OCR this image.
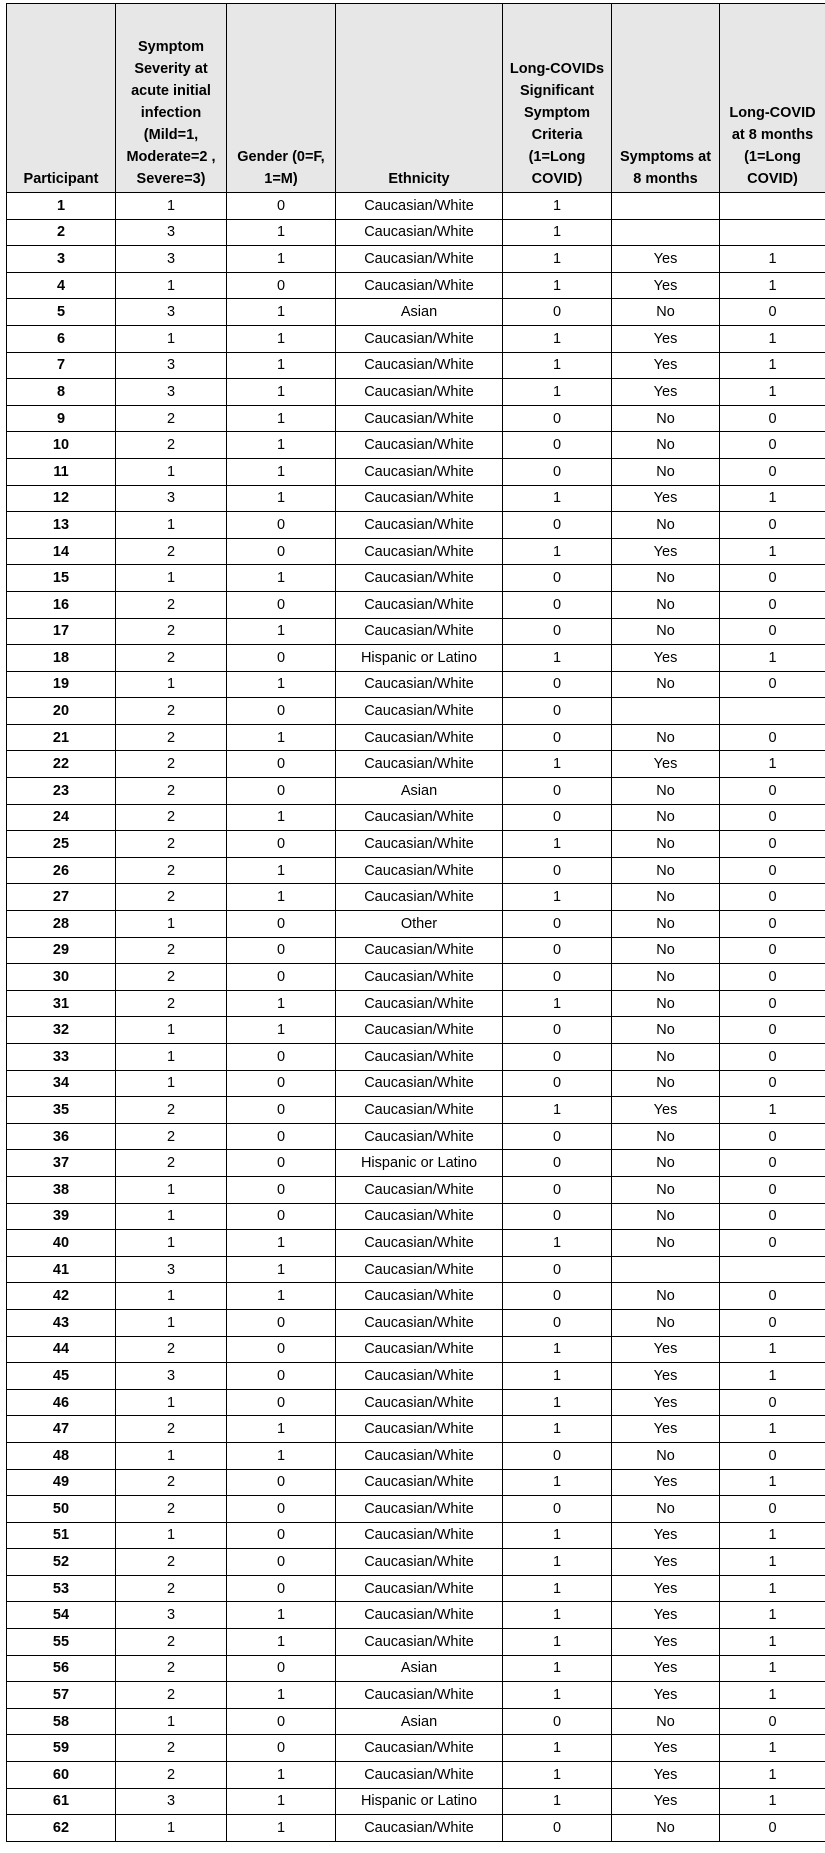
Participant	Symptom Severity at acute initial infection (Mild=1, Moderate=2 , Severe=3)	Gender (0=F, 1=M)	Ethnicity	Long-COVIDs Significant Symptom Criteria (1=Long COVID)	Symptoms at 8 months	Long-COVID at 8 months (1=Long COVID)
1	1	0	Caucasian/White	1		
2	3	1	Caucasian/White	1		
3	3	1	Caucasian/White	1	Yes	1
4	1	0	Caucasian/White	1	Yes	1
5	3	1	Asian	0	No	0
6	1	1	Caucasian/White	1	Yes	1
7	3	1	Caucasian/White	1	Yes	1
8	3	1	Caucasian/White	1	Yes	1
9	2	1	Caucasian/White	0	No	0
10	2	1	Caucasian/White	0	No	0
11	1	1	Caucasian/White	0	No	0
12	3	1	Caucasian/White	1	Yes	1
13	1	0	Caucasian/White	0	No	0
14	2	0	Caucasian/White	1	Yes	1
15	1	1	Caucasian/White	0	No	0
16	2	0	Caucasian/White	0	No	0
17	2	1	Caucasian/White	0	No	0
18	2	0	Hispanic or Latino	1	Yes	1
19	1	1	Caucasian/White	0	No	0
20	2	0	Caucasian/White	0		
21	2	1	Caucasian/White	0	No	0
22	2	0	Caucasian/White	1	Yes	1
23	2	0	Asian	0	No	0
24	2	1	Caucasian/White	0	No	0
25	2	0	Caucasian/White	1	No	0
26	2	1	Caucasian/White	0	No	0
27	2	1	Caucasian/White	1	No	0
28	1	0	Other	0	No	0
29	2	0	Caucasian/White	0	No	0
30	2	0	Caucasian/White	0	No	0
31	2	1	Caucasian/White	1	No	0
32	1	1	Caucasian/White	0	No	0
33	1	0	Caucasian/White	0	No	0
34	1	0	Caucasian/White	0	No	0
35	2	0	Caucasian/White	1	Yes	1
36	2	0	Caucasian/White	0	No	0
37	2	0	Hispanic or Latino	0	No	0
38	1	0	Caucasian/White	0	No	0
39	1	0	Caucasian/White	0	No	0
40	1	1	Caucasian/White	1	No	0
41	3	1	Caucasian/White	0		
42	1	1	Caucasian/White	0	No	0
43	1	0	Caucasian/White	0	No	0
44	2	0	Caucasian/White	1	Yes	1
45	3	0	Caucasian/White	1	Yes	1
46	1	0	Caucasian/White	1	Yes	0
47	2	1	Caucasian/White	1	Yes	1
48	1	1	Caucasian/White	0	No	0
49	2	0	Caucasian/White	1	Yes	1
50	2	0	Caucasian/White	0	No	0
51	1	0	Caucasian/White	1	Yes	1
52	2	0	Caucasian/White	1	Yes	1
53	2	0	Caucasian/White	1	Yes	1
54	3	1	Caucasian/White	1	Yes	1
55	2	1	Caucasian/White	1	Yes	1
56	2	0	Asian	1	Yes	1
57	2	1	Caucasian/White	1	Yes	1
58	1	0	Asian	0	No	0
59	2	0	Caucasian/White	1	Yes	1
60	2	1	Caucasian/White	1	Yes	1
61	3	1	Hispanic or Latino	1	Yes	1
62	1	1	Caucasian/White	0	No	0
